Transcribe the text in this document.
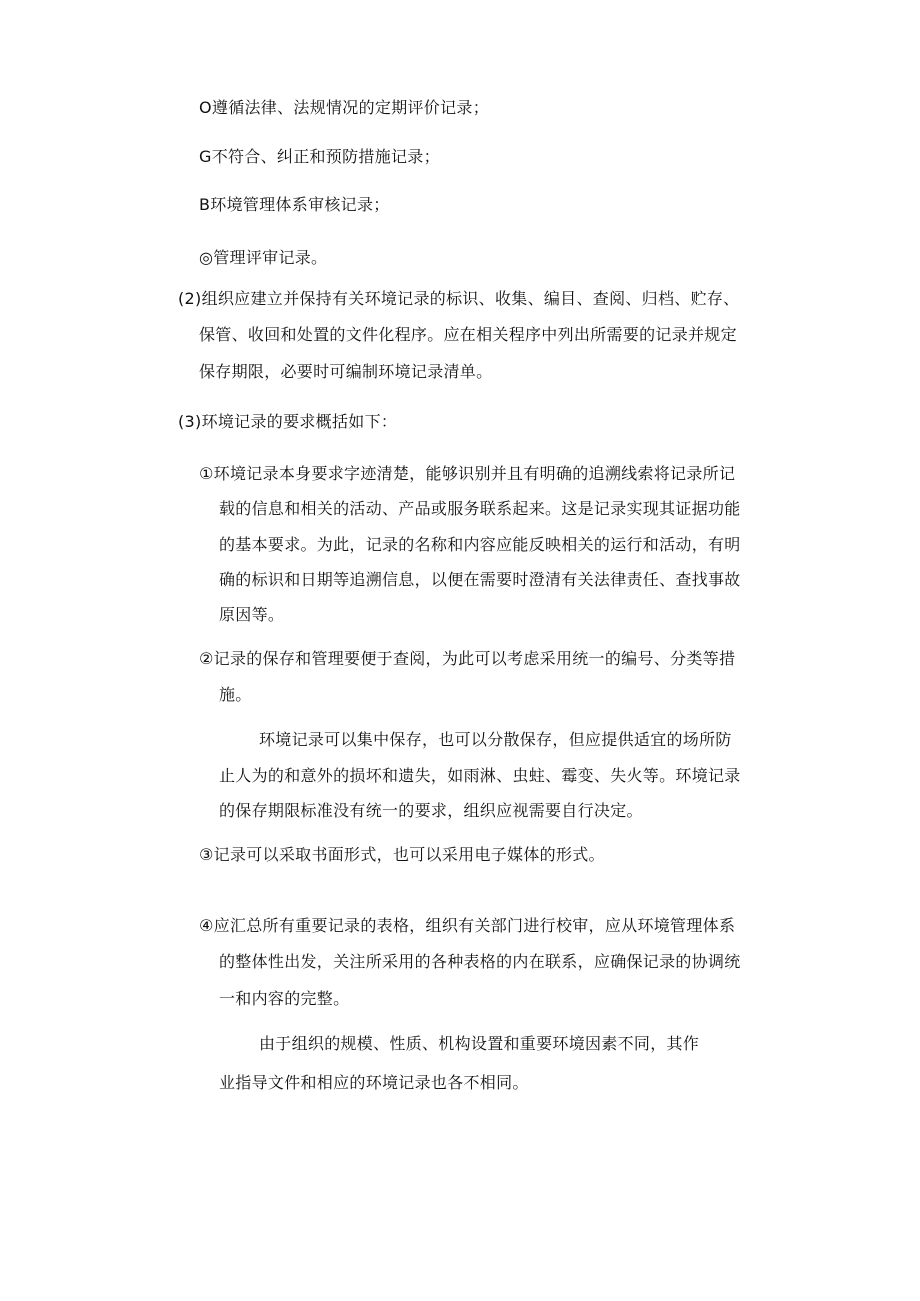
O遵循法律、法规情况的定期评价记录；
G不符合、纠正和预防措施记录；
B环境管理体系审核记录；
◎管理评审记录。
(2)组织应建立并保持有关环境记录的标识、收集、编目、查阅、归档、贮存、
保管、收回和处置的文件化程序。应在相关程序中列出所需要的记录并规定
保存期限，必要时可编制环境记录清单。
(3)环境记录的要求概括如下：
①环境记录本身要求字迹清楚，能够识别并且有明确的追溯线索将记录所记
载的信息和相关的活动、产品或服务联系起来。这是记录实现其证据功能
的基本要求。为此，记录的名称和内容应能反映相关的运行和活动，有明
确的标识和日期等追溯信息，以便在需要时澄清有关法律责任、查找事故
原因等。
②记录的保存和管理要便于查阅，为此可以考虑采用统一的编号、分类等措
施。
环境记录可以集中保存，也可以分散保存，但应提供适宜的场所防
止人为的和意外的损坏和遗失，如雨淋、虫蛀、霉变、失火等。环境记录
的保存期限标准没有统一的要求，组织应视需要自行决定。
③记录可以采取书面形式，也可以采用电子媒体的形式。
④应汇总所有重要记录的表格，组织有关部门进行校审，应从环境管理体系
的整体性出发，关注所采用的各种表格的内在联系，应确保记录的协调统
一和内容的完整。
由于组织的规模、性质、机构设置和重要环境因素不同，其作
业指导文件和相应的环境记录也各不相同。
